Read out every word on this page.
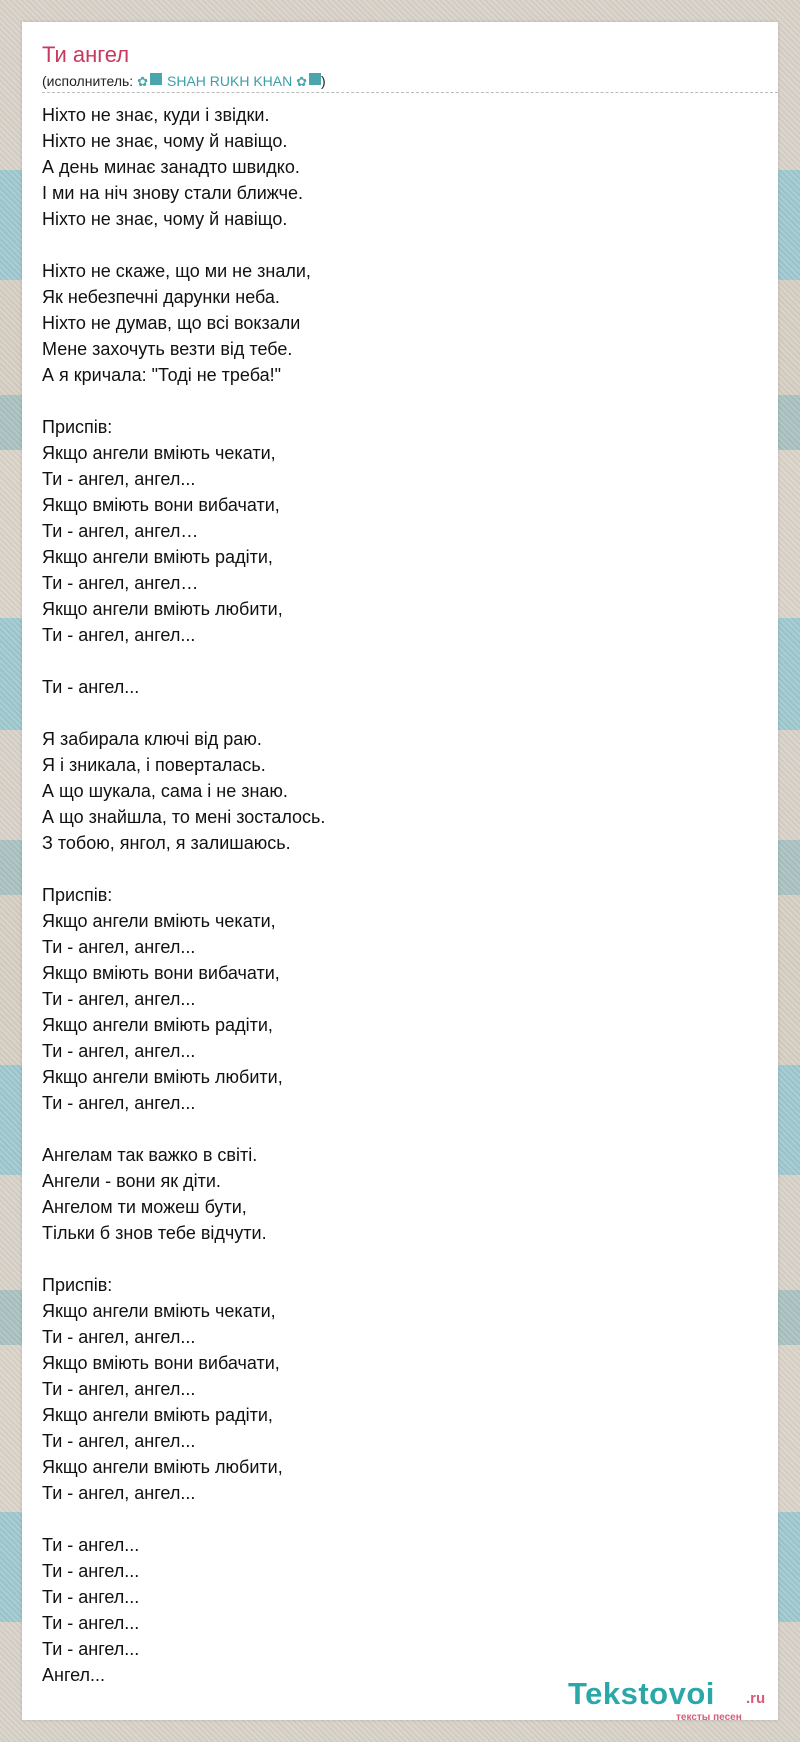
Ти ангел
(исполнитель: ✿ SHAH RUKH KHAN ✿ )
Ніхто не знає, куди і звідки.
Ніхто не знає, чому й навіщо.
А день минає занадто швидко.
І ми на ніч знову стали ближче.
Ніхто не знає, чому й навіщо.
Ніхто не скаже, що ми не знали,
Як небезпечні дарунки неба.
Ніхто не думав, що всі вокзали
Мене захочуть везти від тебе.
А я кричала: "Тоді не треба!"
Приспів:
Якщо ангели вміють чекати,
Ти - ангел, ангел...
Якщо вміють вони вибачати,
Ти - ангел, ангел…
Якщо ангели вміють радіти,
Ти - ангел, ангел…
Якщо ангели вміють любити,
Ти - ангел, ангел...
Ти - ангел...
Я забирала ключі від раю.
Я і зникала, і поверталась.
А що шукала, сама і не знаю.
А що знайшла, то мені зосталось.
З тобою, янгол, я залишаюсь.
Приспів:
Якщо ангели вміють чекати,
Ти - ангел, ангел...
Якщо вміють вони вибачати,
Ти - ангел, ангел...
Якщо ангели вміють радіти,
Ти - ангел, ангел...
Якщо ангели вміють любити,
Ти - ангел, ангел...
Ангелам так важко в світі.
Ангели - вони як діти.
Ангелом ти можеш бути,
Тільки б знов тебе відчути.
Приспів:
Якщо ангели вміють чекати,
Ти - ангел, ангел...
Якщо вміють вони вибачати,
Ти - ангел, ангел...
Якщо ангели вміють радіти,
Ти - ангел, ангел...
Якщо ангели вміють любити,
Ти - ангел, ангел...
Ти - ангел...
Ти - ангел...
Ти - ангел...
Ти - ангел...
Ти - ангел...
Ангел...
Tekstovoi .ru
тексты песен
